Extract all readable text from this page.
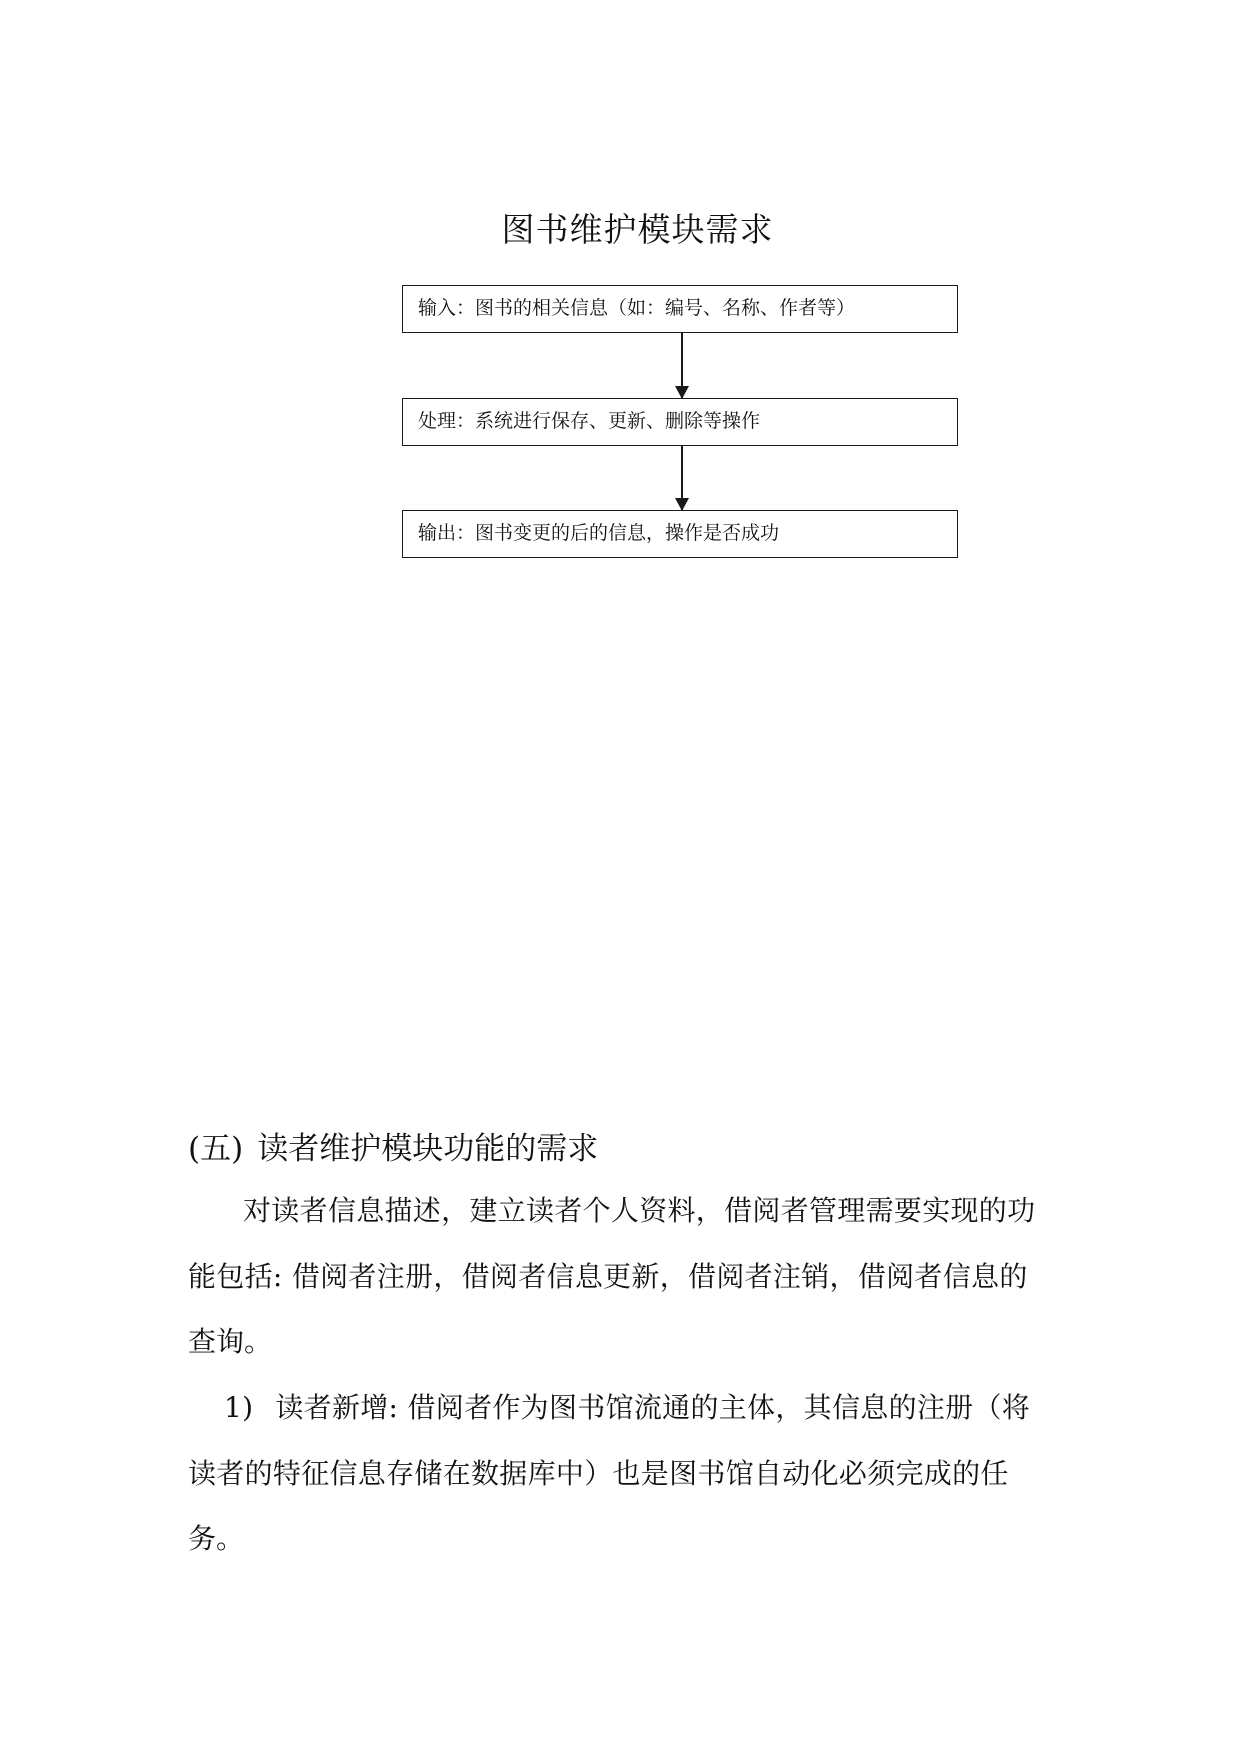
图书维护模块需求
输入：图书的相关信息（如：编号、名称、作者等）
处理：系统进行保存、更新、删除等操作
输出：图书变更的后的信息，操作是否成功
(五) 读者维护模块功能的需求
对读者信息描述，建立读者个人资料，借阅者管理需要实现的功
能包括: 借阅者注册，借阅者信息更新，借阅者注销，借阅者信息的
查询。
1) 读者新增: 借阅者作为图书馆流通的主体，其信息的注册（将
读者的特征信息存储在数据库中）也是图书馆自动化必须完成的任
务。
